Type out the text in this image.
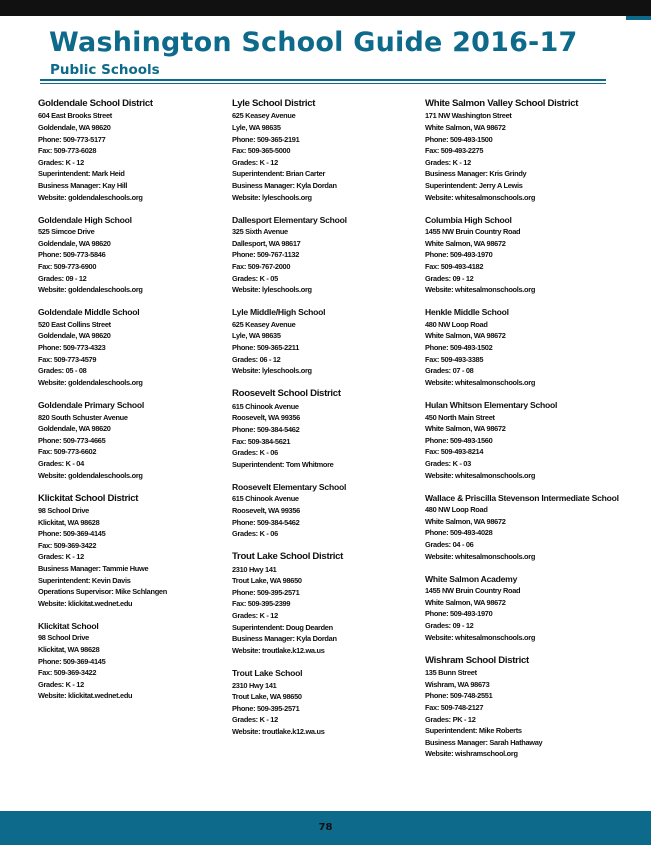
Washington School Guide 2016-17
Public Schools
Goldendale School District
604 East Brooks Street
Goldendale, WA 98620
Phone: 509-773-5177
Fax: 509-773-6028
Grades: K - 12
Superintendent: Mark Heid
Business Manager: Kay Hill
Website: goldendaleschools.org
Goldendale High School
525 Simcoe Drive
Goldendale, WA 98620
Phone: 509-773-5846
Fax: 509-773-6900
Grades: 09 - 12
Website: goldendaleschools.org
Goldendale Middle School
520 East Collins Street
Goldendale, WA 98620
Phone: 509-773-4323
Fax: 509-773-4579
Grades: 05 - 08
Website: goldendaleschools.org
Goldendale Primary School
820 South Schuster Avenue
Goldendale, WA 98620
Phone: 509-773-4665
Fax: 509-773-6602
Grades: K - 04
Website: goldendaleschools.org
Klickitat School District
98 School Drive
Klickitat, WA 98628
Phone: 509-369-4145
Fax: 509-369-3422
Grades: K - 12
Business Manager: Tammie Huwe
Superintendent: Kevin Davis
Operations Supervisor: Mike Schlangen
Website: klickitat.wednet.edu
Klickitat School
98 School Drive
Klickitat, WA 98628
Phone: 509-369-4145
Fax: 509-369-3422
Grades: K - 12
Website: klickitat.wednet.edu
Lyle School District
625 Keasey Avenue
Lyle, WA 98635
Phone: 509-365-2191
Fax: 509-365-5000
Grades: K - 12
Superintendent: Brian Carter
Business Manager: Kyla Dordan
Website: lyleschools.org
Dallesport Elementary School
325 Sixth Avenue
Dallesport, WA 98617
Phone: 509-767-1132
Fax: 509-767-2000
Grades: K - 05
Website: lyleschools.org
Lyle Middle/High School
625 Keasey Avenue
Lyle, WA 98635
Phone: 509-365-2211
Grades: 06 - 12
Website: lyleschools.org
Roosevelt School District
615 Chinook Avenue
Roosevelt, WA 99356
Phone: 509-384-5462
Fax: 509-384-5621
Grades: K - 06
Superintendent: Tom Whitmore
Roosevelt Elementary School
615 Chinook Avenue
Roosevelt, WA 99356
Phone: 509-384-5462
Grades: K - 06
Trout Lake School District
2310 Hwy 141
Trout Lake, WA 98650
Phone: 509-395-2571
Fax: 509-395-2399
Grades: K - 12
Superintendent: Doug Dearden
Business Manager: Kyla Dordan
Website: troutlake.k12.wa.us
Trout Lake School
2310 Hwy 141
Trout Lake, WA 98650
Phone: 509-395-2571
Grades: K - 12
Website: troutlake.k12.wa.us
White Salmon Valley School District
171 NW Washington Street
White Salmon, WA 98672
Phone: 509-493-1500
Fax: 509-493-2275
Grades: K - 12
Business Manager: Kris Grindy
Superintendent: Jerry A Lewis
Website: whitesalmonschools.org
Columbia High School
1455 NW Bruin Country Road
White Salmon, WA 98672
Phone: 509-493-1970
Fax: 509-493-4182
Grades: 09 - 12
Website: whitesalmonschools.org
Henkle Middle School
480 NW Loop Road
White Salmon, WA 98672
Phone: 509-493-1502
Fax: 509-493-3385
Grades: 07 - 08
Website: whitesalmonschools.org
Hulan Whitson Elementary School
450 North Main Street
White Salmon, WA 98672
Phone: 509-493-1560
Fax: 509-493-8214
Grades: K - 03
Website: whitesalmonschools.org
Wallace & Priscilla Stevenson Intermediate School
480 NW Loop Road
White Salmon, WA 98672
Phone: 509-493-4028
Grades: 04 - 06
Website: whitesalmonschools.org
White Salmon Academy
1455 NW Bruin Country Road
White Salmon, WA 98672
Phone: 509-493-1970
Grades: 09 - 12
Website: whitesalmonschools.org
Wishram School District
135 Bunn Street
Wishram, WA 98673
Phone: 509-748-2551
Fax: 509-748-2127
Grades: PK - 12
Superintendent: Mike Roberts
Business Manager: Sarah Hathaway
Website: wishramschool.org
78
